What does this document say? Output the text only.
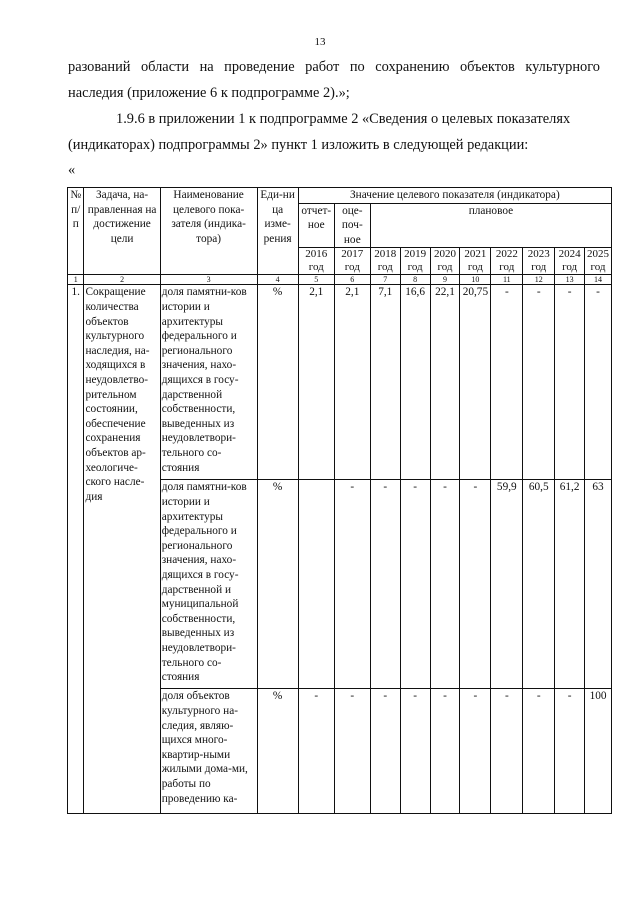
13
разований области на проведение работ по сохранению объектов культурного наследия (приложение 6 к подпрограмме 2).»;
1.9.6 в приложении 1 к подпрограмме 2 «Сведения о целевых показателях (индикаторах) подпрограммы 2» пункт 1 изложить в следующей редакции:
«
№ п/ п	Задача, на-правленная на достижение цели	Наименование целевого пока-зателя (индика-тора)	Еди-ни ца изме-рения	Значение целевого показателя (индикатора)									
				отчет-ное	оце-поч-ное	плановое							
				2016 год	2017 год	2018 год	2019 год	2020 год	2021 год	2022 год	2023 год	2024 год	2025 год
1	2	3	4	5	6	7	8	9	10	11	12	13	14
1.	Сокращение количества объектов культурного наследия, на-ходящихся в неудовлетво-рительном состоянии, обеспечение сохранения объектов ар-хеологиче-ского насле-дия	доля памятни-ков истории и архитектуры федерального и регионального значения, нахо-дящихся в госу-дарственной собственности, выведенных из неудовлетвори-тельного со-стояния	%	2,1	2,1	7,1	16,6	22,1	20,75	-	-	-	-
		доля памятни-ков истории и архитектуры федерального и регионального значения, нахо-дящихся в госу-дарственной и муниципальной собственности, выведенных из неудовлетвори-тельного со-стояния	%		-	-	-	-	-	59,9	60,5	61,2	63
		доля объектов культурного на-следия, являю-щихся много-квартир-ными жилыми дома-ми, работы по проведению ка-	%	-	-	-	-	-	-	-	-	-	100
